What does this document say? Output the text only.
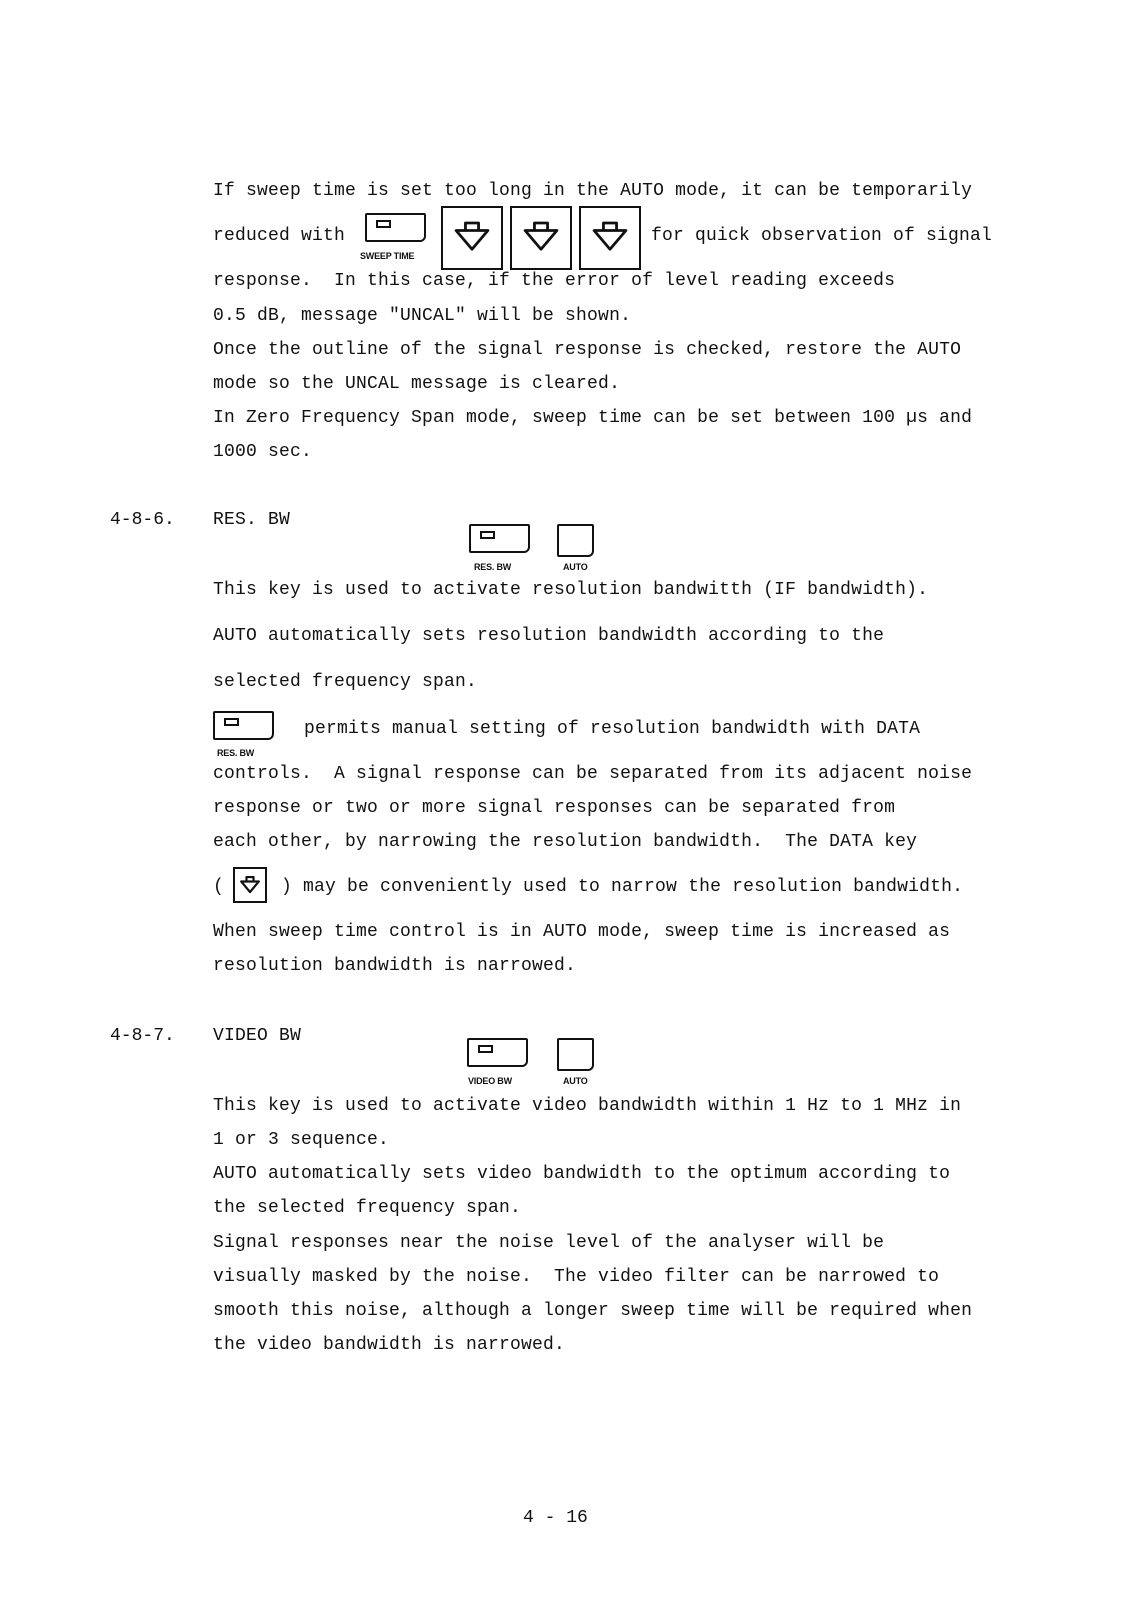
If sweep time is set too long in the AUTO mode, it can be temporarily
reduced with
SWEEP TIME
for quick observation of signal
response.  In this case, if the error of level reading exceeds
0.5 dB, message "UNCAL" will be shown.
Once the outline of the signal response is checked, restore the AUTO
mode so the UNCAL message is cleared.
In Zero Frequency Span mode, sweep time can be set between 100 µs and
1000 sec.
4-8-6. RES. BW
RES. BW	AUTO
This key is used to activate resolution bandwitth (IF bandwidth).
AUTO automatically sets resolution bandwidth according to the
selected frequency span.
RES. BW
permits manual setting of resolution bandwidth with DATA
controls.  A signal response can be separated from its adjacent noise
response or two or more signal responses can be separated from
each other, by narrowing the resolution bandwidth.  The DATA key
(	) may be conveniently used to narrow the resolution bandwidth.
When sweep time control is in AUTO mode, sweep time is increased as
resolution bandwidth is narrowed.
4-8-7. VIDEO BW
VIDEO BW	AUTO
This key is used to activate video bandwidth within 1 Hz to 1 MHz in
1 or 3 sequence.
AUTO automatically sets video bandwidth to the optimum according to
the selected frequency span.
Signal responses near the noise level of the analyser will be
visually masked by the noise.  The video filter can be narrowed to
smooth this noise, although a longer sweep time will be required when
the video bandwidth is narrowed.
4 - 16
